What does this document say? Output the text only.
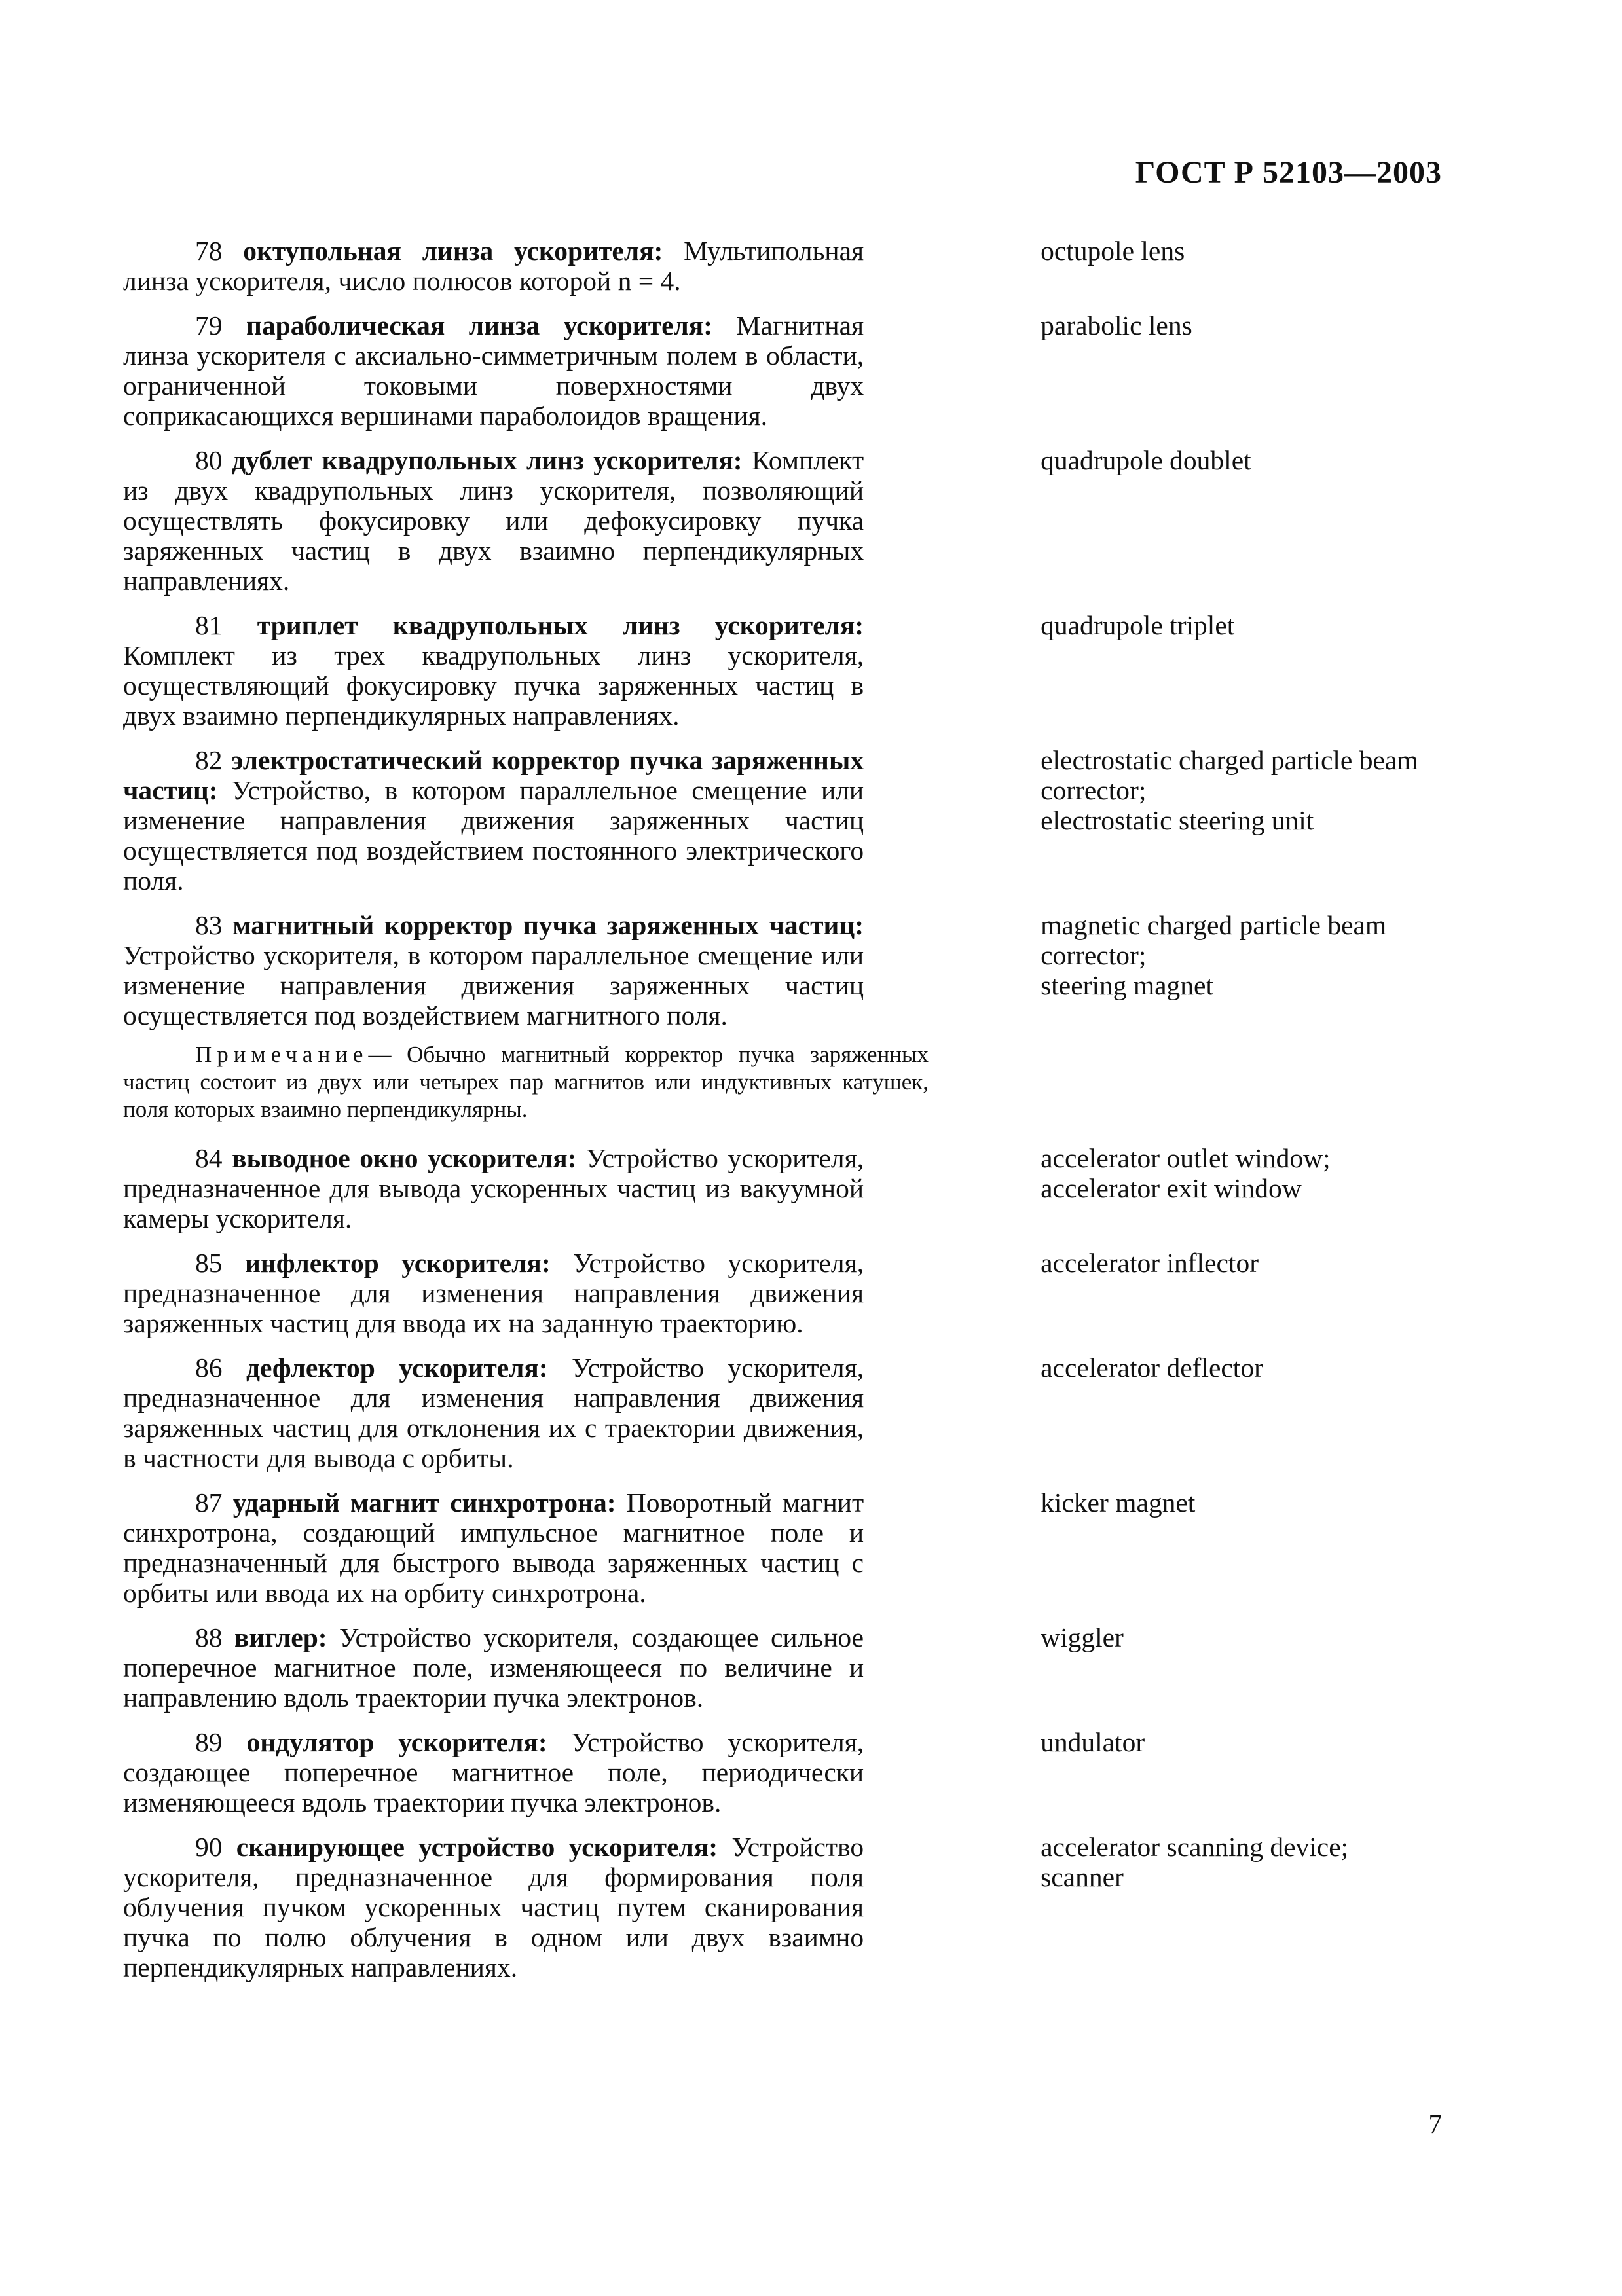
ГОСТ Р 52103—2003
78 октупольная линза ускорителя: Мультипольная линза ускорителя, число полюсов которой n = 4.
octupole lens
79 параболическая линза ускорителя: Магнитная линза ускорителя с аксиально-симметричным полем в области, ограниченной токовыми поверхностями двух соприкасающихся вершинами параболоидов вращения.
parabolic lens
80 дублет квадрупольных линз ускорителя: Комплект из двух квадрупольных линз ускорителя, позволяющий осуществлять фокусировку или дефокусировку пучка заряженных частиц в двух взаимно перпендикулярных направлениях.
quadrupole doublet
81 триплет квадрупольных линз ускорителя: Комплект из трех квадрупольных линз ускорителя, осуществляющий фокусировку пучка заряженных частиц в двух взаимно перпендикулярных направлениях.
quadrupole triplet
82 электростатический корректор пучка заряженных частиц: Устройство, в котором параллельное смещение или изменение направления движения заряженных частиц осуществляется под воздействием постоянного электрического поля.
electrostatic charged particle beam corrector;
electrostatic steering unit
83 магнитный корректор пучка заряженных частиц: Устройство ускорителя, в котором параллельное смещение или изменение направления движения заряженных частиц осуществляется под воздействием магнитного поля.
magnetic charged particle beam corrector;
steering magnet
Примечание— Обычно магнитный корректор пучка заряженных частиц состоит из двух или четырех пар магнитов или индуктивных катушек, поля которых взаимно перпендикулярны.
84 выводное окно ускорителя: Устройство ускорителя, предназначенное для вывода ускоренных частиц из вакуумной камеры ускорителя.
accelerator outlet window;
accelerator exit window
85 инфлектор ускорителя: Устройство ускорителя, предназначенное для изменения направления движения заряженных частиц для ввода их на заданную траекторию.
accelerator inflector
86 дефлектор ускорителя: Устройство ускорителя, предназначенное для изменения направления движения заряженных частиц для отклонения их с траектории движения, в частности для вывода с орбиты.
accelerator deflector
87 ударный магнит синхротрона: Поворотный магнит синхротрона, создающий импульсное магнитное поле и предназначенный для быстрого вывода заряженных частиц с орбиты или ввода их на орбиту синхротрона.
kicker magnet
88 виглер: Устройство ускорителя, создающее сильное поперечное магнитное поле, изменяющееся по величине и направлению вдоль траектории пучка электронов.
wiggler
89 ондулятор ускорителя: Устройство ускорителя, создающее поперечное магнитное поле, периодически изменяющееся вдоль траектории пучка электронов.
undulator
90 сканирующее устройство ускорителя: Устройство ускорителя, предназначенное для формирования поля облучения пучком ускоренных частиц путем сканирования пучка по полю облучения в одном или двух взаимно перпендикулярных направлениях.
accelerator scanning device;
scanner
7
